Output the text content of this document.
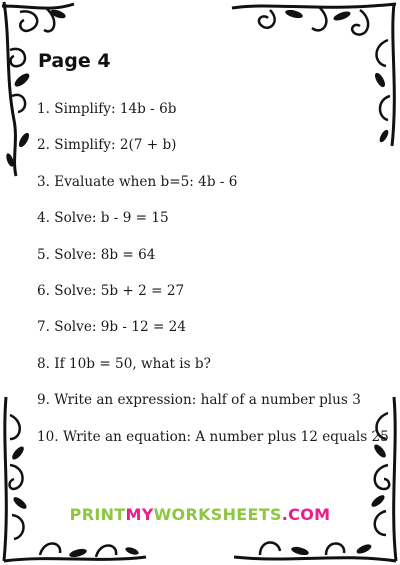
Page 4
1. Simplify: 14b - 6b
2. Simplify: 2(7 + b)
3. Evaluate when b=5: 4b - 6
4. Solve: b - 9 = 15
5. Solve: 8b = 64
6. Solve: 5b + 2 = 27
7. Solve: 9b - 12 = 24
8. If 10b = 50, what is b?
9. Write an expression: half of a number plus 3
10. Write an equation: A number plus 12 equals 25
PRINTMYWORKSHEETS.COM
